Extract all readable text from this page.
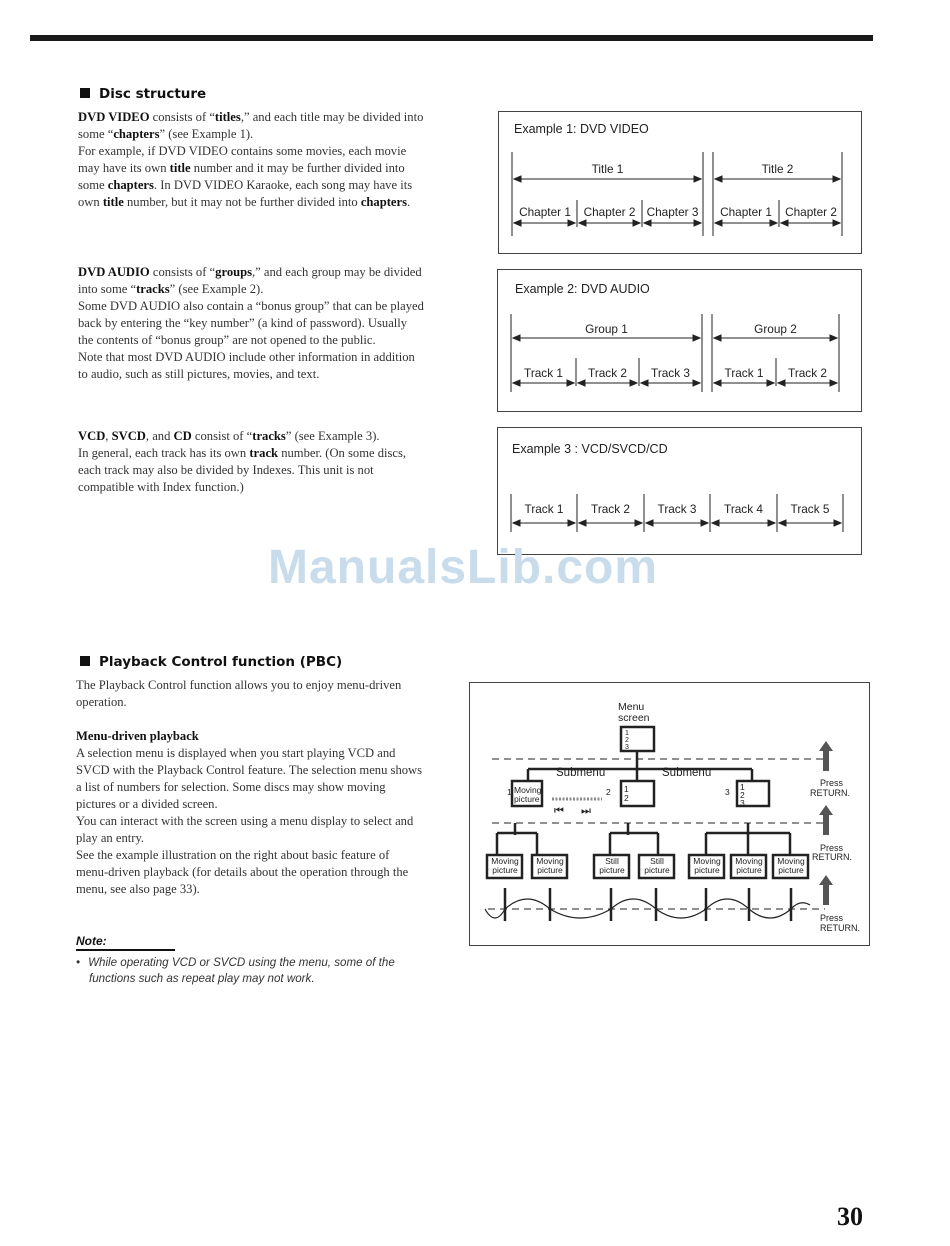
Disc structure

DVD VIDEO consists of “titles,” and each title may be divided into

some “chapters” (see Example 1).

For example, if DVD VIDEO contains some movies, each movie

may have its own title number and it may be further divided into

some chapters. In DVD VIDEO Karaoke, each song may have its

own title number, but it may not be further divided into chapters.

DVD AUDIO consists of “groups,” and each group may be divided

into some “tracks” (see Example 2).

Some DVD AUDIO also contain a “bonus group” that can be played

back by entering the “key number” (a kind of password). Usually

the contents of “bonus group” are not opened to the public.

Note that most DVD AUDIO include other information in addition

to audio, such as still pictures, movies, and text.

VCD, SVCD, and CD consist of “tracks” (see Example 3).

In general, each track has its own track number. (On some discs,

each track may also be divided by Indexes. This unit is not

compatible with Index function.)

Example 1: DVD VIDEO
Title 1	Title 2
Chapter 1	Chapter 2 Chapter 3	Chapter 1	Chapter 2
Example 2: DVD AUDIO
Group 1	Group 2
Track 1	Track 2	Track 3	Track 1	Track 2
Example 3 : VCD/SVCD/CD
Track 1	Track 2	Track 3	Track 4	Track 5
ManualsLib.com
Playback Control function (PBC)

The Playback Control function allows you to enjoy menu-driven

operation.

Menu-driven playback

A selection menu is displayed when you start playing VCD and

SVCD with the Playback Control feature. The selection menu shows

a list of numbers for selection. Some discs may show moving

pictures or a divided screen.

You can interact with the screen using a menu display to select and

play an entry.

See the example illustration on the right about basic feature of

menu-driven playback (for details about the operation through the

menu, see also page 33).

Menu
screen
1
2
3
Submenu	Submenu
1 Moving
picture
2 1
2
3 1
2
3
⏮ ⏭
Moving
picture
Moving
picture
Still
picture
Still
picture
Moving
picture
Moving
picture
Moving
picture
Press
RETURN.
Press
RETURN.
Press
RETURN.
Note:
• While operating VCD or SVCD using the menu, some of the
functions such as repeat play may not work.
30
